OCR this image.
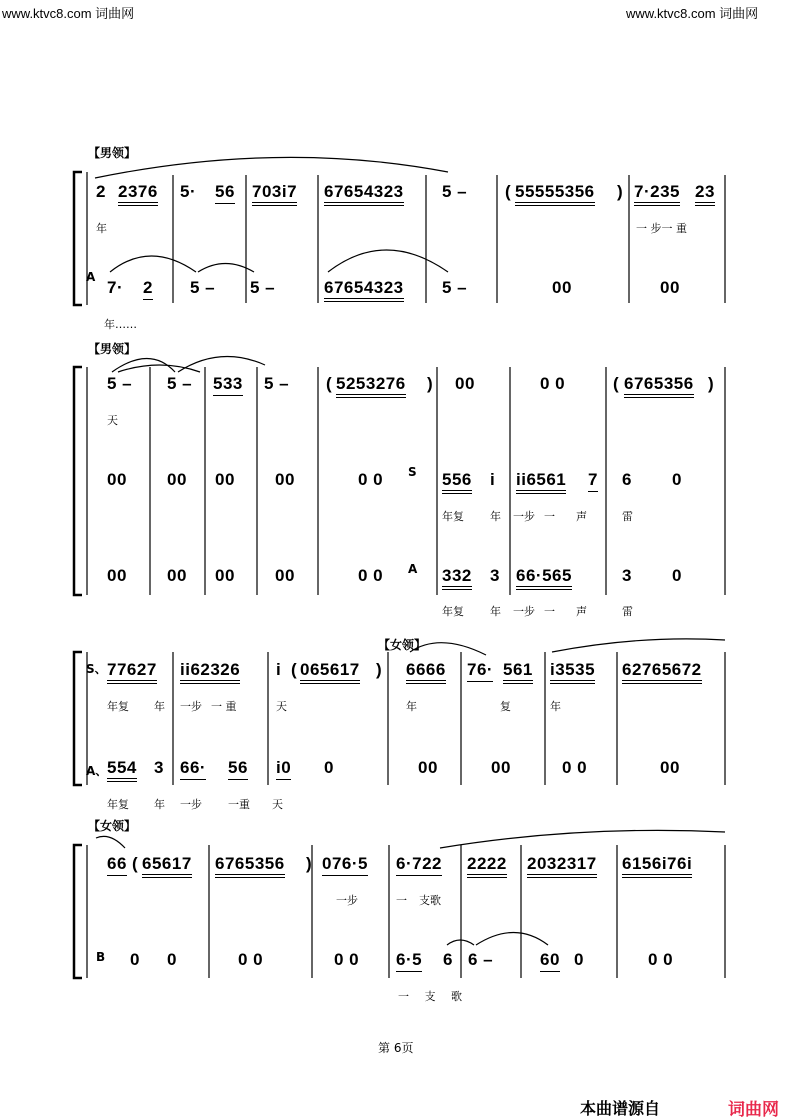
www.ktvc8.com 词曲网	www.ktvc8.com 词曲网
【男领】
A
2 2376 5· 56 703i7 67654323 5 – ( 55555356 ) 7·235 23
年	一 步一 重
7· 2 5 – 5 –	67654323 5 –	00	00
年……
【男领】
S
A
5 – 5 – 533 5 – ( 5253276 ) 00	0 0	( 6765356 )
天
00 00 00 00	0 0	556 i ii6561 7 6 0
年复 年 一步 一 声	雷
00 00 00 00	0 0	332 3 66·565	3 0
年复 年 一步 一 声	雷
【女领】
S、
A、
77627 ii62326 i ( 065617 ) 6666 76· 561 i3535 62765672
年复 年 一步 一 重	天	年	复	年
554 3 66· 56 i0 0	00	00	0 0	00
年复 年 一步 一重 天
【女领】
B
66 ( 65617 6765356 ) 076·5 6·722 2222 2032317 6156i76i
一步	一 支歌
0 0	0 0	0 0 6·5 6 6 –	60 0	0 0
一 支 歌
第 6页
本曲谱源自	词曲网
